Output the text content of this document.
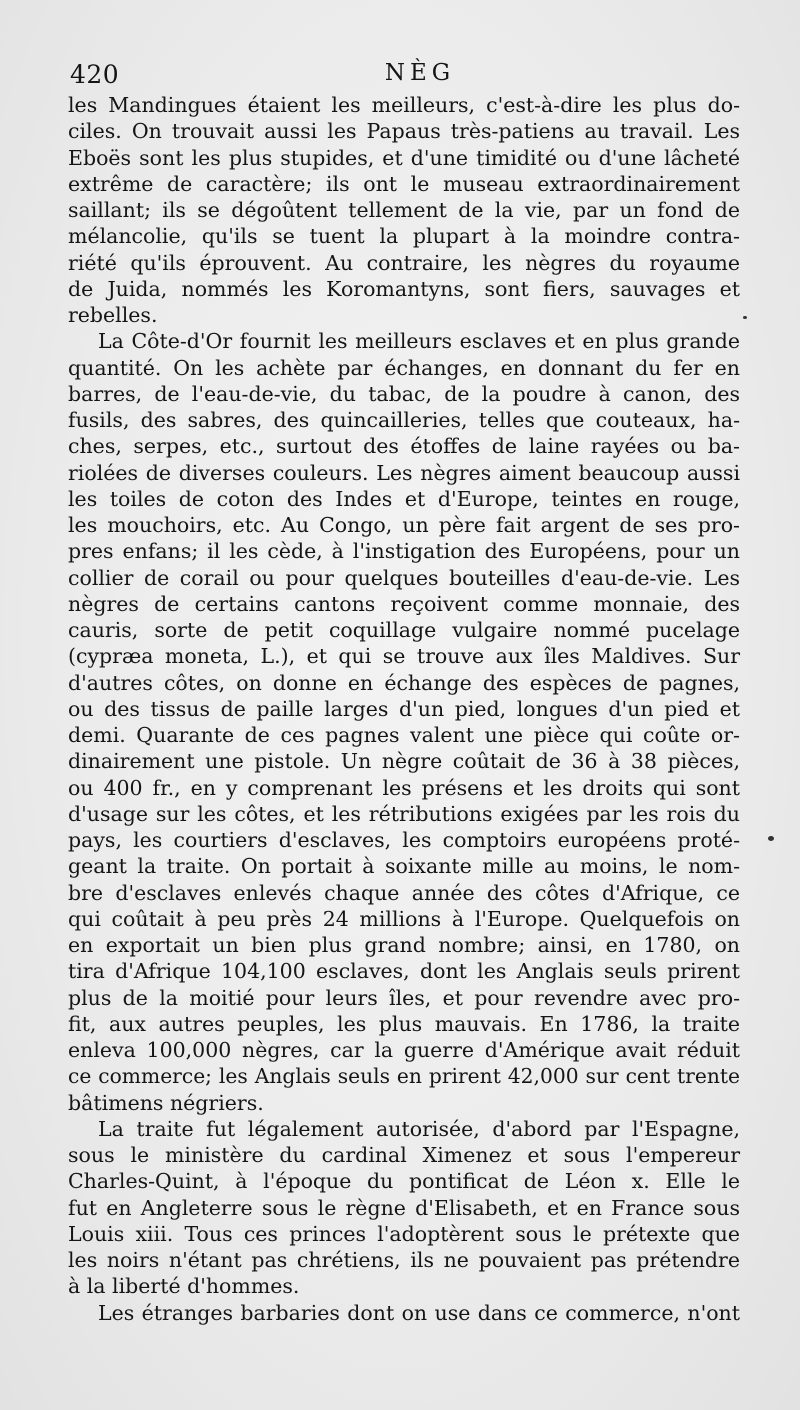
420	NÈG
les Mandingues étaient les meilleurs, c'est-à-dire les plus do-
ciles. On trouvait aussi les Papaus très-patiens au travail. Les
Eboës sont les plus stupides, et d'une timidité ou d'une lâcheté
extrême de caractère; ils ont le museau extraordinairement
saillant; ils se dégoûtent tellement de la vie, par un fond de
mélancolie, qu'ils se tuent la plupart à la moindre contra-
riété qu'ils éprouvent. Au contraire, les nègres du royaume
de Juida, nommés les Koromantyns, sont fiers, sauvages et
rebelles.
La Côte-d'Or fournit les meilleurs esclaves et en plus grande
quantité. On les achète par échanges, en donnant du fer en
barres, de l'eau-de-vie, du tabac, de la poudre à canon, des
fusils, des sabres, des quincailleries, telles que couteaux, ha-
ches, serpes, etc., surtout des étoffes de laine rayées ou ba-
riolées de diverses couleurs. Les nègres aiment beaucoup aussi
les toiles de coton des Indes et d'Europe, teintes en rouge,
les mouchoirs, etc. Au Congo, un père fait argent de ses pro-
pres enfans; il les cède, à l'instigation des Européens, pour un
collier de corail ou pour quelques bouteilles d'eau-de-vie. Les
nègres de certains cantons reçoivent comme monnaie, des
cauris, sorte de petit coquillage vulgaire nommé pucelage
(cypræa moneta, L.), et qui se trouve aux îles Maldives. Sur
d'autres côtes, on donne en échange des espèces de pagnes,
ou des tissus de paille larges d'un pied, longues d'un pied et
demi. Quarante de ces pagnes valent une pièce qui coûte or-
dinairement une pistole. Un nègre coûtait de 36 à 38 pièces,
ou 400 fr., en y comprenant les présens et les droits qui sont
d'usage sur les côtes, et les rétributions exigées par les rois du
pays, les courtiers d'esclaves, les comptoirs européens proté-
geant la traite. On portait à soixante mille au moins, le nom-
bre d'esclaves enlevés chaque année des côtes d'Afrique, ce
qui coûtait à peu près 24 millions à l'Europe. Quelquefois on
en exportait un bien plus grand nombre; ainsi, en 1780, on
tira d'Afrique 104,100 esclaves, dont les Anglais seuls prirent
plus de la moitié pour leurs îles, et pour revendre avec pro-
fit, aux autres peuples, les plus mauvais. En 1786, la traite
enleva 100,000 nègres, car la guerre d'Amérique avait réduit
ce commerce; les Anglais seuls en prirent 42,000 sur cent trente
bâtimens négriers.
La traite fut légalement autorisée, d'abord par l'Espagne,
sous le ministère du cardinal Ximenez et sous l'empereur
Charles-Quint, à l'époque du pontificat de Léon x. Elle le
fut en Angleterre sous le règne d'Elisabeth, et en France sous
Louis xiii. Tous ces princes l'adoptèrent sous le prétexte que
les noirs n'étant pas chrétiens, ils ne pouvaient pas prétendre
à la liberté d'hommes.
Les étranges barbaries dont on use dans ce commerce, n'ont
